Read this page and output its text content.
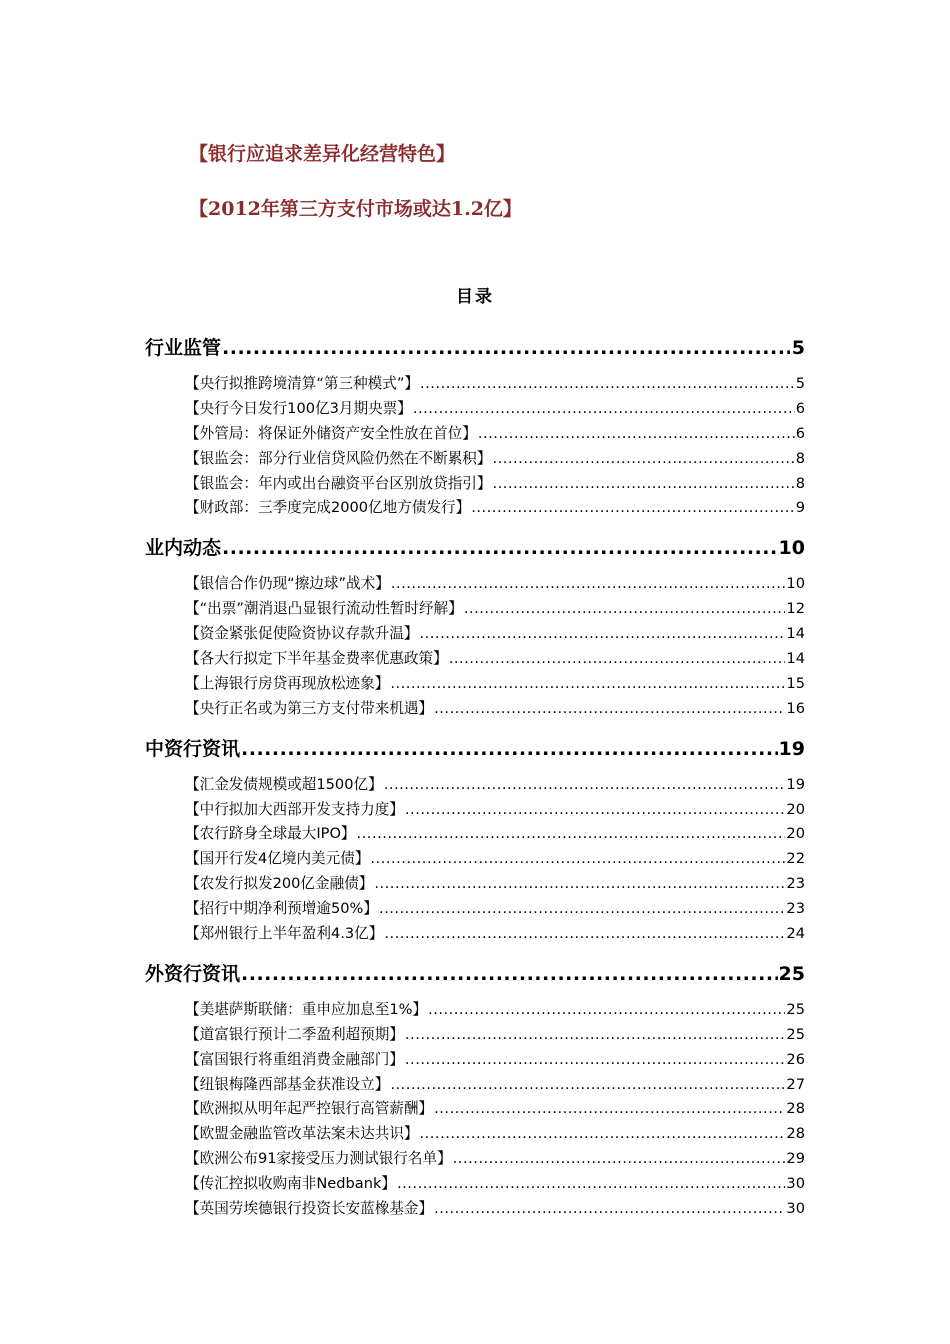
【银行应追求差异化经营特色】
【2012年第三方支付市场或达1.2亿】
目录
行业监管 .....	5
【央行拟推跨境清算“第三种模式”】 .....	5
【央行今日发行100亿3月期央票】 .....	6
【外管局：将保证外储资产安全性放在首位】 .....	6
【银监会：部分行业信贷风险仍然在不断累积】 .....	8
【银监会：年内或出台融资平台区别放贷指引】 .....	8
【财政部：三季度完成2000亿地方债发行】 .....	9
业内动态 .....	10
【银信合作仍现“擦边球”战术】 .....	10
【“出票”潮消退凸显银行流动性暂时纾解】 .....	12
【资金紧张促使险资协议存款升温】 .....	14
【各大行拟定下半年基金费率优惠政策】 .....	14
【上海银行房贷再现放松迹象】 .....	15
【央行正名或为第三方支付带来机遇】 .....	16
中资行资讯 .....	19
【汇金发债规模或超1500亿】 .....	19
【中行拟加大西部开发支持力度】 .....	20
【农行跻身全球最大IPO】 .....	20
【国开行发4亿境内美元债】 .....	22
【农发行拟发200亿金融债】 .....	23
【招行中期净利预增逾50%】 .....	23
【郑州银行上半年盈利4.3亿】 .....	24
外资行资讯 .....	25
【美堪萨斯联储：重申应加息至1%】 .....	25
【道富银行预计二季盈利超预期】 .....	25
【富国银行将重组消费金融部门】 .....	26
【纽银梅隆西部基金获准设立】 .....	27
【欧洲拟从明年起严控银行高管薪酬】 .....	28
【欧盟金融监管改革法案未达共识】 .....	28
【欧洲公布91家接受压力测试银行名单】 .....	29
【传汇控拟收购南非Nedbank】 .....	30
【英国劳埃德银行投资长安蓝橡基金】 .....	30
